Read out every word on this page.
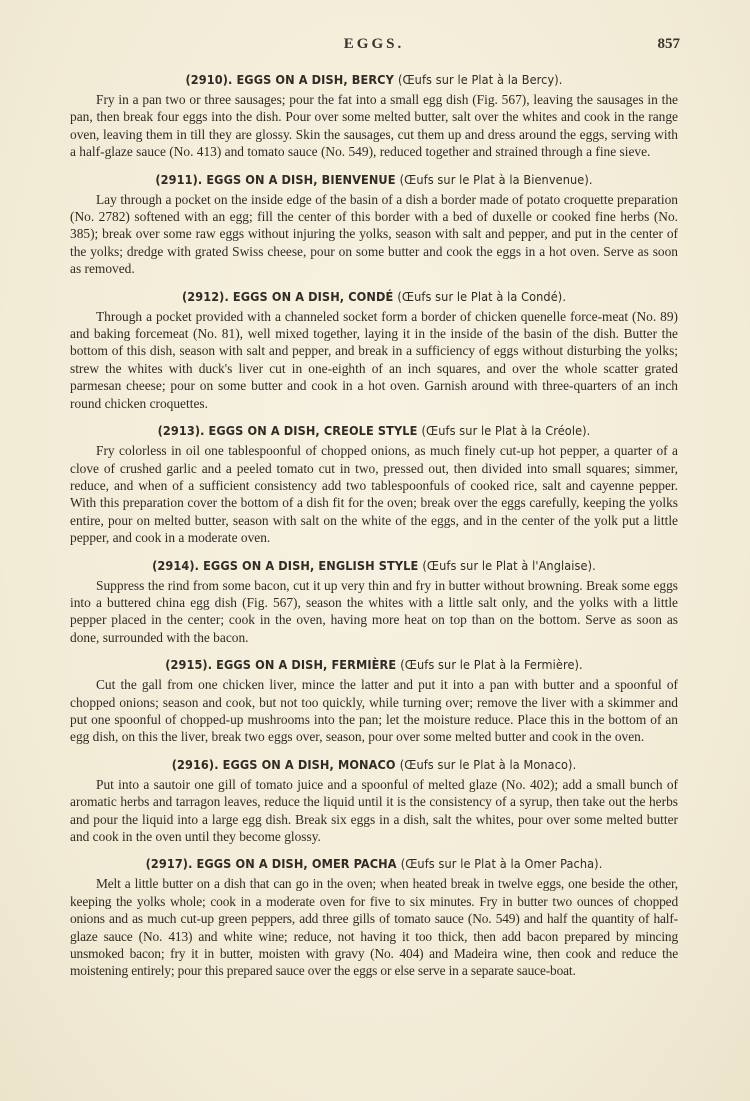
EGGS.	857
(2910). EGGS ON A DISH, BERCY (Œufs sur le Plat à la Bercy).

Fry in a pan two or three sausages; pour the fat into a small egg dish (Fig. 567), leaving the sausages in the pan, then break four eggs into the dish. Pour over some melted butter, salt over the whites and cook in the range oven, leaving them in till they are glossy. Skin the sausages, cut them up and dress around the eggs, serving with a half-glaze sauce (No. 413) and tomato sauce (No. 549), reduced together and strained through a fine sieve.

(2911). EGGS ON A DISH, BIENVENUE (Œufs sur le Plat à la Bienvenue).

Lay through a pocket on the inside edge of the basin of a dish a border made of potato croquette preparation (No. 2782) softened with an egg; fill the center of this border with a bed of duxelle or cooked fine herbs (No. 385); break over some raw eggs without injuring the yolks, season with salt and pepper, and put in the center of the yolks; dredge with grated Swiss cheese, pour on some butter and cook the eggs in a hot oven. Serve as soon as removed.

(2912). EGGS ON A DISH, CONDÉ (Œufs sur le Plat à la Condé).

Through a pocket provided with a channeled socket form a border of chicken quenelle force-meat (No. 89) and baking forcemeat (No. 81), well mixed together, laying it in the inside of the basin of the dish. Butter the bottom of this dish, season with salt and pepper, and break in a sufficiency of eggs without disturbing the yolks; strew the whites with duck's liver cut in one-eighth of an inch squares, and over the whole scatter grated parmesan cheese; pour on some butter and cook in a hot oven. Garnish around with three-quarters of an inch round chicken croquettes.

(2913). EGGS ON A DISH, CREOLE STYLE (Œufs sur le Plat à la Créole).

Fry colorless in oil one tablespoonful of chopped onions, as much finely cut-up hot pepper, a quarter of a clove of crushed garlic and a peeled tomato cut in two, pressed out, then divided into small squares; simmer, reduce, and when of a sufficient consistency add two tablespoonfuls of cooked rice, salt and cayenne pepper. With this preparation cover the bottom of a dish fit for the oven; break over the eggs carefully, keeping the yolks entire, pour on melted butter, season with salt on the white of the eggs, and in the center of the yolk put a little pepper, and cook in a moderate oven.

(2914). EGGS ON A DISH, ENGLISH STYLE (Œufs sur le Plat à l'Anglaise).

Suppress the rind from some bacon, cut it up very thin and fry in butter without browning. Break some eggs into a buttered china egg dish (Fig. 567), season the whites with a little salt only, and the yolks with a little pepper placed in the center; cook in the oven, having more heat on top than on the bottom. Serve as soon as done, surrounded with the bacon.

(2915). EGGS ON A DISH, FERMIÈRE (Œufs sur le Plat à la Fermière).

Cut the gall from one chicken liver, mince the latter and put it into a pan with butter and a spoonful of chopped onions; season and cook, but not too quickly, while turning over; remove the liver with a skimmer and put one spoonful of chopped-up mushrooms into the pan; let the moisture reduce. Place this in the bottom of an egg dish, on this the liver, break two eggs over, season, pour over some melted butter and cook in the oven.

(2916). EGGS ON A DISH, MONACO (Œufs sur le Plat à la Monaco).

Put into a sautoir one gill of tomato juice and a spoonful of melted glaze (No. 402); add a small bunch of aromatic herbs and tarragon leaves, reduce the liquid until it is the consistency of a syrup, then take out the herbs and pour the liquid into a large egg dish. Break six eggs in a dish, salt the whites, pour over some melted butter and cook in the oven until they become glossy.

(2917). EGGS ON A DISH, OMER PACHA (Œufs sur le Plat à la Omer Pacha).

Melt a little butter on a dish that can go in the oven; when heated break in twelve eggs, one beside the other, keeping the yolks whole; cook in a moderate oven for five to six minutes. Fry in butter two ounces of chopped onions and as much cut-up green peppers, add three gills of tomato sauce (No. 549) and half the quantity of half-glaze sauce (No. 413) and white wine; reduce, not having it too thick, then add bacon prepared by mincing unsmoked bacon; fry it in butter, moisten with gravy (No. 404) and Madeira wine, then cook and reduce the moistening entirely; pour this prepared sauce over the eggs or else serve in a separate sauce-boat.
